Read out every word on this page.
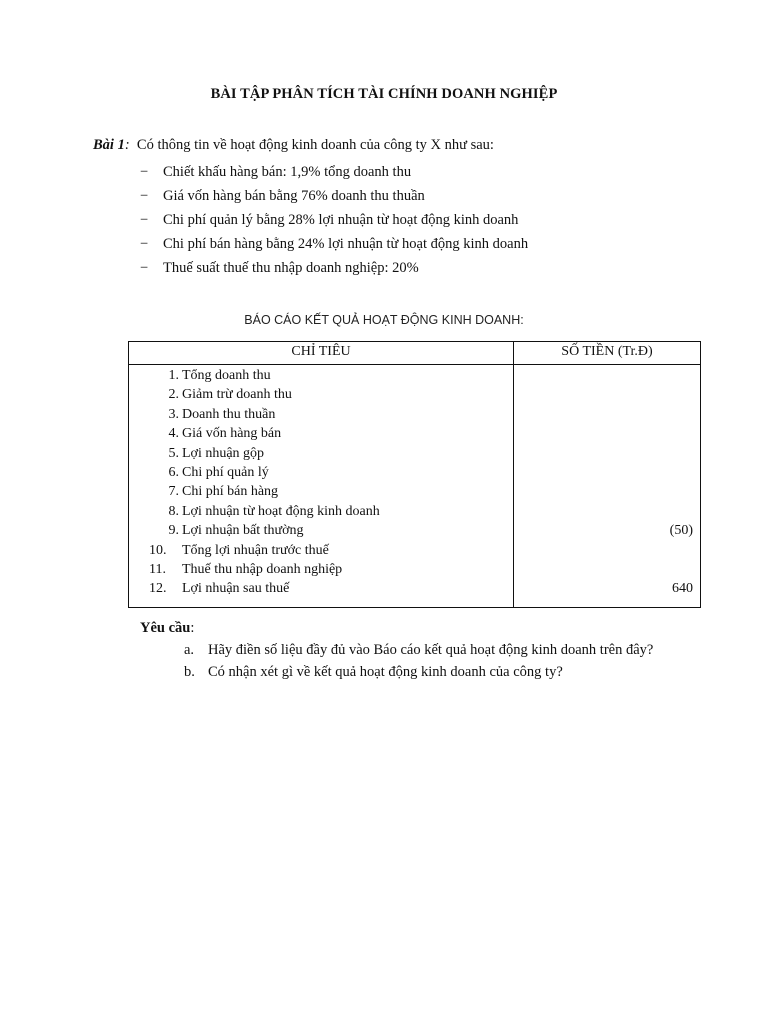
BÀI TẬP PHÂN TÍCH TÀI CHÍNH DOANH NGHIỆP
Bài 1: Có thông tin về hoạt động kinh doanh của công ty X như sau:
− Chiết khấu hàng bán: 1,9% tổng doanh thu
− Giá vốn hàng bán bằng 76% doanh thu thuần
− Chi phí quản lý bằng 28% lợi nhuận từ hoạt động kinh doanh
− Chi phí bán hàng bằng 24% lợi nhuận từ hoạt động kinh doanh
− Thuế suất thuế thu nhập doanh nghiệp: 20%
BÁO CÁO KẾT QUẢ HOẠT ĐỘNG KINH DOANH:
CHỈ TIÊU	SỐ TIỀN (Tr.Đ)
1. Tổng doanh thu
2. Giảm trừ doanh thu
3. Doanh thu thuần
4. Giá vốn hàng bán
5. Lợi nhuận gộp
6. Chi phí quản lý
7. Chi phí bán hàng
8. Lợi nhuận từ hoạt động kinh doanh
9. Lợi nhuận bất thường	(50)
10.	Tổng lợi nhuận trước thuế
11.	Thuế thu nhập doanh nghiệp
12.	Lợi nhuận sau thuế	640
Yêu cầu:
a. Hãy điền số liệu đầy đủ vào Báo cáo kết quả hoạt động kinh doanh trên đây?
b. Có nhận xét gì về kết quả hoạt động kinh doanh của công ty?
